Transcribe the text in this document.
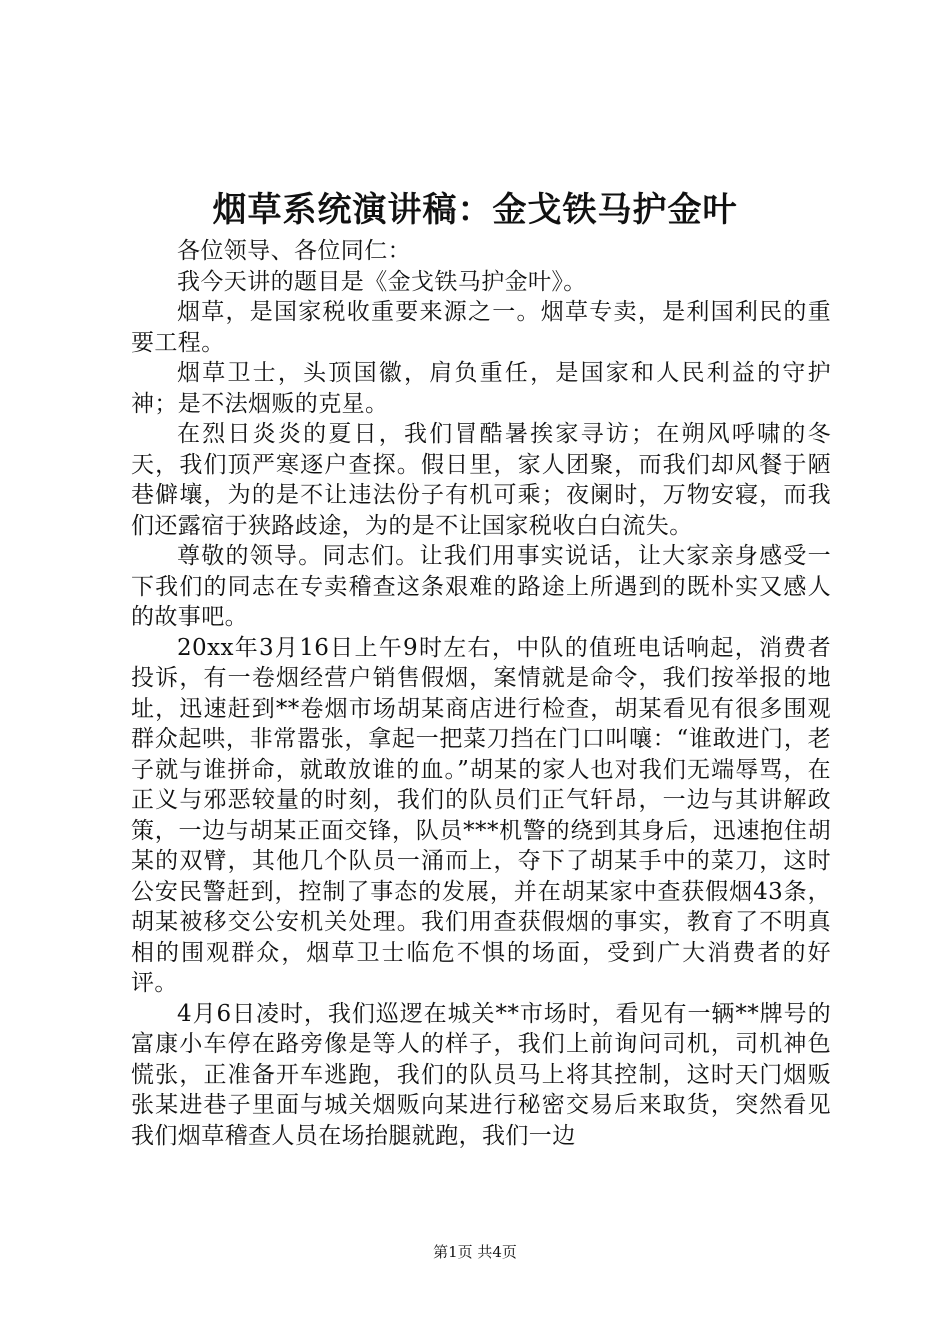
烟草系统演讲稿：金戈铁马护金叶

各位领导、各位同仁：

我今天讲的题目是《金戈铁马护金叶》。

烟草，是国家税收重要来源之一。烟草专卖，是利国利民的重要工程。

烟草卫士，头顶国徽，肩负重任，是国家和人民利益的守护神；是不法烟贩的克星。

在烈日炎炎的夏日，我们冒酷暑挨家寻访；在朔风呼啸的冬天，我们顶严寒逐户查探。假日里，家人团聚，而我们却风餐于陋巷僻壤，为的是不让违法份子有机可乘；夜阑时，万物安寝，而我们还露宿于狭路歧途，为的是不让国家税收白白流失。

尊敬的领导。同志们。让我们用事实说话，让大家亲身感受一下我们的同志在专卖稽查这条艰难的路途上所遇到的既朴实又感人的故事吧。

20xx年3月16日上午9时左右，中队的值班电话响起，消费者投诉，有一卷烟经营户销售假烟，案情就是命令，我们按举报的地址，迅速赶到**卷烟市场胡某商店进行检查，胡某看见有很多围观群众起哄，非常嚣张，拿起一把菜刀挡在门口叫嚷：“谁敢进门，老子就与谁拼命，就敢放谁的血。”胡某的家人也对我们无端辱骂，在正义与邪恶较量的时刻，我们的队员们正气轩昂，一边与其讲解政策，一边与胡某正面交锋，队员***机警的绕到其身后，迅速抱住胡某的双臂，其他几个队员一涌而上，夺下了胡某手中的菜刀，这时公安民警赶到，控制了事态的发展，并在胡某家中查获假烟43条，胡某被移交公安机关处理。我们用查获假烟的事实，教育了不明真相的围观群众，烟草卫士临危不惧的场面，受到广大消费者的好评。

4月6日凌时，我们巡逻在城关**市场时，看见有一辆**牌号的富康小车停在路旁像是等人的样子，我们上前询问司机，司机神色慌张，正准备开车逃跑，我们的队员马上将其控制，这时天门烟贩张某进巷子里面与城关烟贩向某进行秘密交易后来取货，突然看见我们烟草稽查人员在场抬腿就跑，我们一边

第1页 共4页
